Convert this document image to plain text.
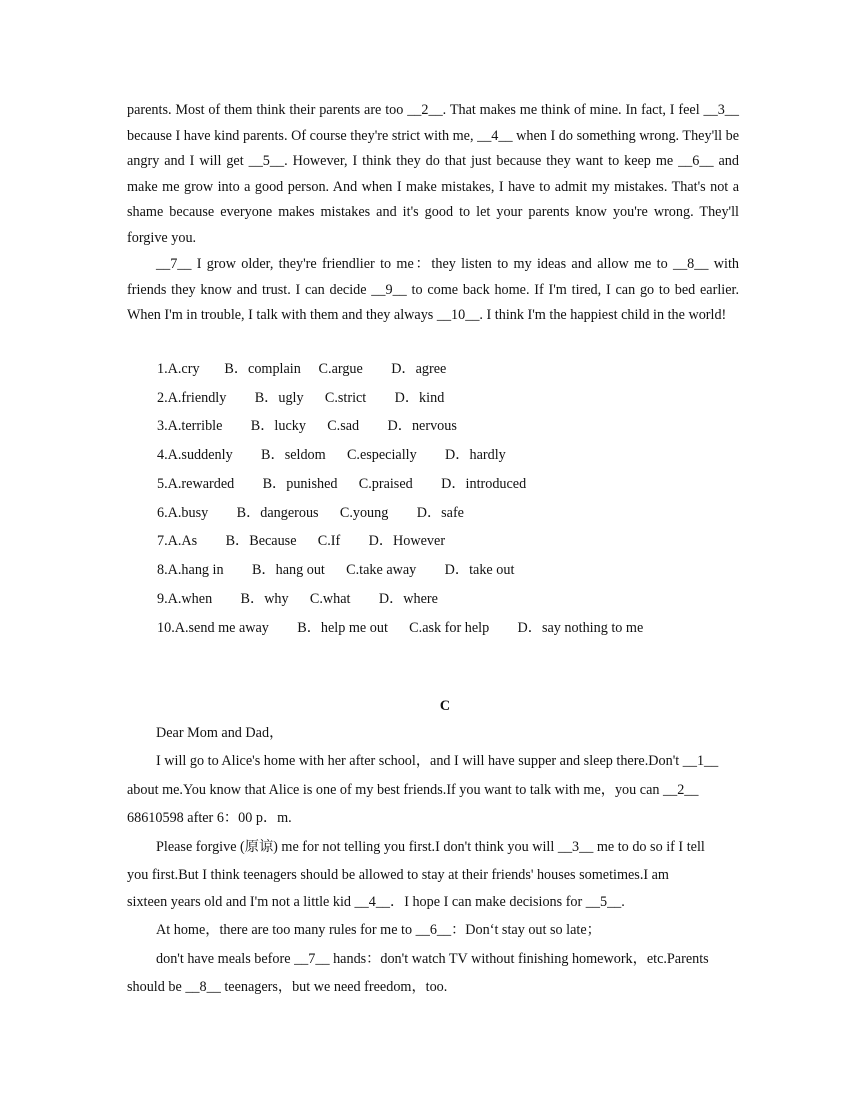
parents. Most of them think their parents are too __2__. That makes me think of mine. In fact, I feel __3__ because I have kind parents. Of course they're strict with me, __4__ when I do something wrong. They'll be angry and I will get __5__. However, I think they do that just because they want to keep me __6__ and make me grow into a good person. And when I make mistakes, I have to admit my mistakes. That's not a shame because everyone makes mistakes and it's good to let your parents know you're wrong. They'll forgive you.

__7__ I grow older, they're friendlier to me：they listen to my ideas and allow me to __8__ with friends they know and trust. I can decide __9__ to come back home. If I'm tired, I can go to bed earlier. When I'm in trouble, I talk with them and they always __10__. I think I'm the happiest child in the world!

1.A.cry       B．complain     C.argue        D．agree

2.A.friendly        B．ugly      C.strict        D．kind

3.A.terrible        B．lucky      C.sad        D．nervous

4.A.suddenly        B．seldom      C.especially        D．hardly

5.A.rewarded        B．punished      C.praised        D．introduced

6.A.busy        B．dangerous      C.young        D．safe

7.A.As        B．Because      C.If        D．However

8.A.hang in        B．hang out      C.take away        D．take out

9.A.when        B．why      C.what        D．where

10.A.send me away        B．help me out      C.ask for help        D．say nothing to me

C

Dear Mom and Dad，

I will go to Alice's home with her after school，and I will have supper and sleep there.Don't __1__

about me.You know that Alice is one of my best friends.If you want to talk with me，you can __2__

68610598 after 6：00 p．m.

Please forgive (原谅) me for not telling you first.I don't think you will __3__ me to do so if I tell

you first.But I think teenagers should be allowed to stay at their friends' houses sometimes.I am

sixteen years old and I'm not a little kid __4__．I hope I can make decisions for __5__.

At home，there are too many rules for me to __6__：Don‘t stay out so late；

don't have meals before __7__ hands：don't watch TV without finishing homework，etc.Parents

should be __8__ teenagers，but we need freedom，too.
